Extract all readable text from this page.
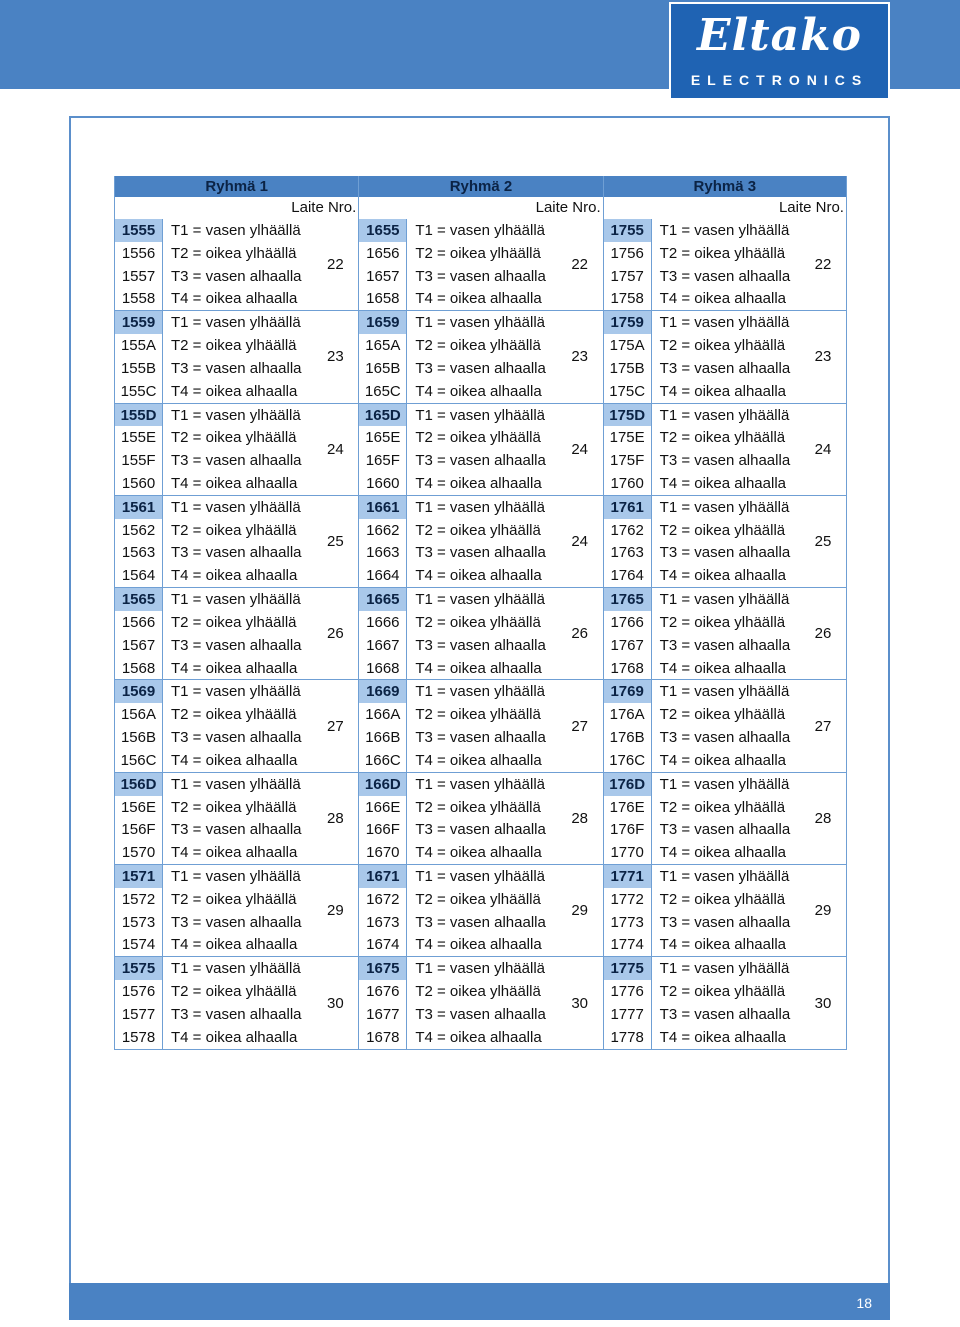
Eltako
ELECTRONICS
Ryhmä 1
Laite Nro.
1555
1556
1557
1558
T1 = vasen ylhäällä
T2 = oikea ylhäällä
T3 = vasen alhaalla
T4 = oikea alhaalla
22
1559
155A
155B
155C
T1 = vasen ylhäällä
T2 = oikea ylhäällä
T3 = vasen alhaalla
T4 = oikea alhaalla
23
155D
155E
155F
1560
T1 = vasen ylhäällä
T2 = oikea ylhäällä
T3 = vasen alhaalla
T4 = oikea alhaalla
24
1561
1562
1563
1564
T1 = vasen ylhäällä
T2 = oikea ylhäällä
T3 = vasen alhaalla
T4 = oikea alhaalla
25
1565
1566
1567
1568
T1 = vasen ylhäällä
T2 = oikea ylhäällä
T3 = vasen alhaalla
T4 = oikea alhaalla
26
1569
156A
156B
156C
T1 = vasen ylhäällä
T2 = oikea ylhäällä
T3 = vasen alhaalla
T4 = oikea alhaalla
27
156D
156E
156F
1570
T1 = vasen ylhäällä
T2 = oikea ylhäällä
T3 = vasen alhaalla
T4 = oikea alhaalla
28
1571
1572
1573
1574
T1 = vasen ylhäällä
T2 = oikea ylhäällä
T3 = vasen alhaalla
T4 = oikea alhaalla
29
1575
1576
1577
1578
T1 = vasen ylhäällä
T2 = oikea ylhäällä
T3 = vasen alhaalla
T4 = oikea alhaalla
30
Ryhmä 2
Laite Nro.
1655
1656
1657
1658
T1 = vasen ylhäällä
T2 = oikea ylhäällä
T3 = vasen alhaalla
T4 = oikea alhaalla
22
1659
165A
165B
165C
T1 = vasen ylhäällä
T2 = oikea ylhäällä
T3 = vasen alhaalla
T4 = oikea alhaalla
23
165D
165E
165F
1660
T1 = vasen ylhäällä
T2 = oikea ylhäällä
T3 = vasen alhaalla
T4 = oikea alhaalla
24
1661
1662
1663
1664
T1 = vasen ylhäällä
T2 = oikea ylhäällä
T3 = vasen alhaalla
T4 = oikea alhaalla
24
1665
1666
1667
1668
T1 = vasen ylhäällä
T2 = oikea ylhäällä
T3 = vasen alhaalla
T4 = oikea alhaalla
26
1669
166A
166B
166C
T1 = vasen ylhäällä
T2 = oikea ylhäällä
T3 = vasen alhaalla
T4 = oikea alhaalla
27
166D
166E
166F
1670
T1 = vasen ylhäällä
T2 = oikea ylhäällä
T3 = vasen alhaalla
T4 = oikea alhaalla
28
1671
1672
1673
1674
T1 = vasen ylhäällä
T2 = oikea ylhäällä
T3 = vasen alhaalla
T4 = oikea alhaalla
29
1675
1676
1677
1678
T1 = vasen ylhäällä
T2 = oikea ylhäällä
T3 = vasen alhaalla
T4 = oikea alhaalla
30
Ryhmä 3
Laite Nro.
1755
1756
1757
1758
T1 = vasen ylhäällä
T2 = oikea ylhäällä
T3 = vasen alhaalla
T4 = oikea alhaalla
22
1759
175A
175B
175C
T1 = vasen ylhäällä
T2 = oikea ylhäällä
T3 = vasen alhaalla
T4 = oikea alhaalla
23
175D
175E
175F
1760
T1 = vasen ylhäällä
T2 = oikea ylhäällä
T3 = vasen alhaalla
T4 = oikea alhaalla
24
1761
1762
1763
1764
T1 = vasen ylhäällä
T2 = oikea ylhäällä
T3 = vasen alhaalla
T4 = oikea alhaalla
25
1765
1766
1767
1768
T1 = vasen ylhäällä
T2 = oikea ylhäällä
T3 = vasen alhaalla
T4 = oikea alhaalla
26
1769
176A
176B
176C
T1 = vasen ylhäällä
T2 = oikea ylhäällä
T3 = vasen alhaalla
T4 = oikea alhaalla
27
176D
176E
176F
1770
T1 = vasen ylhäällä
T2 = oikea ylhäällä
T3 = vasen alhaalla
T4 = oikea alhaalla
28
1771
1772
1773
1774
T1 = vasen ylhäällä
T2 = oikea ylhäällä
T3 = vasen alhaalla
T4 = oikea alhaalla
29
1775
1776
1777
1778
T1 = vasen ylhäällä
T2 = oikea ylhäällä
T3 = vasen alhaalla
T4 = oikea alhaalla
30
18
